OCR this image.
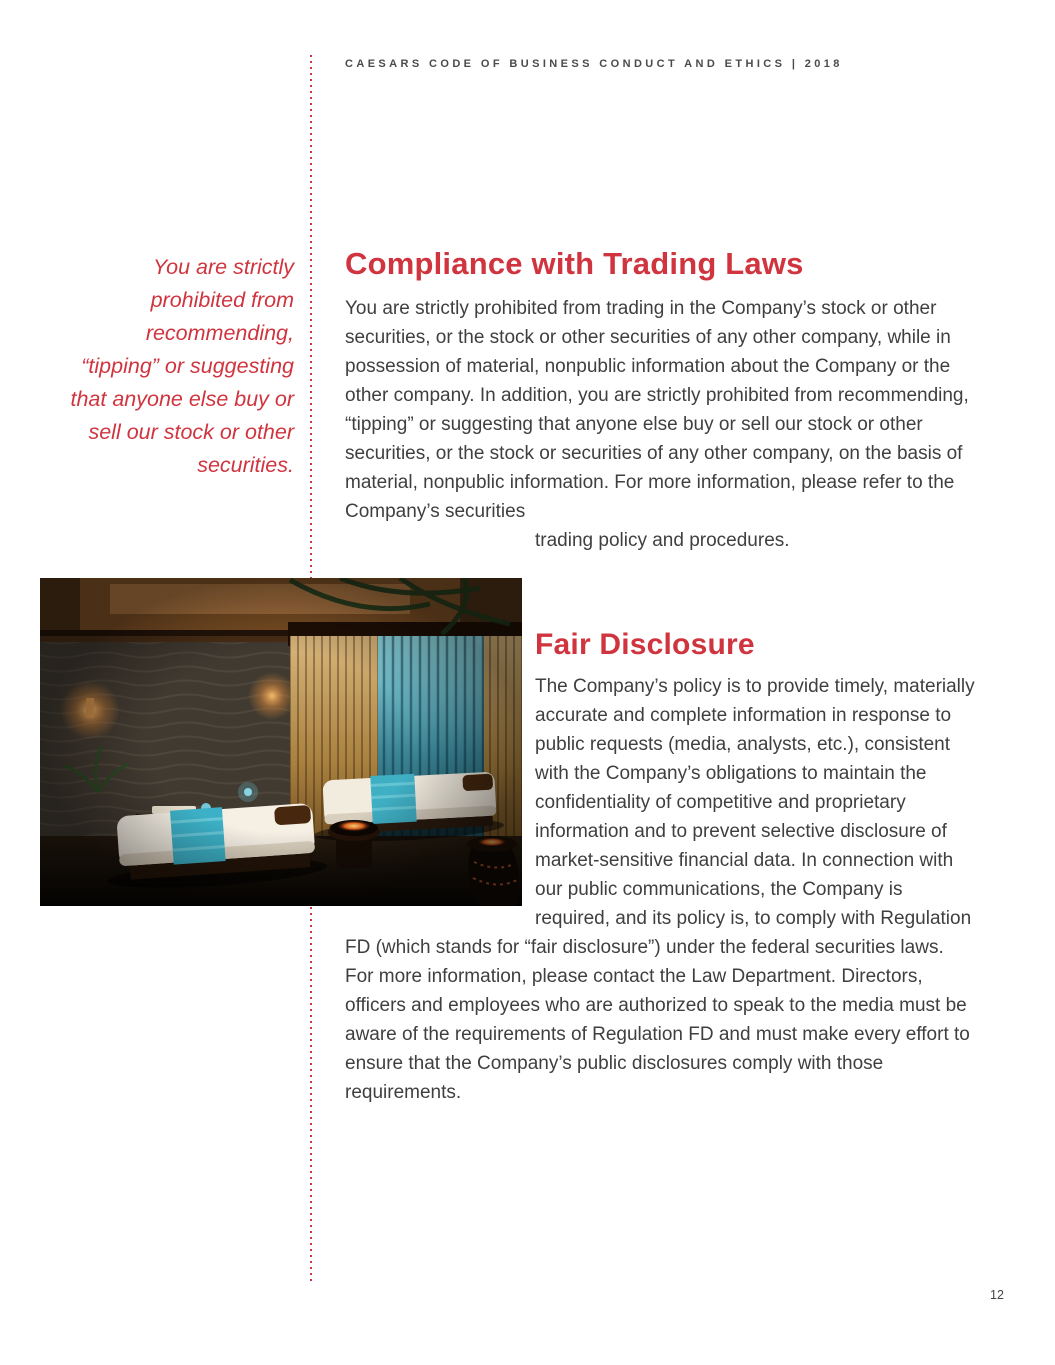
CAESARS CODE OF BUSINESS CONDUCT AND ETHICS | 2018
You are strictly prohibited from recommending, “tipping” or suggesting that anyone else buy or sell our stock or other securities.
Compliance with Trading Laws

You are strictly prohibited from trading in the Company’s stock or other securities, or the stock or other securities of any other company, while in possession of material, nonpublic information about the Company or the other company. In addition, you are strictly prohibited from recommending, “tipping” or suggesting that anyone else buy or sell our stock or other securities, or the stock or securities of any other company, on the basis of material, nonpublic information. For more information, please refer to the Company’s securities

trading policy and procedures.
Fair Disclosure

The Company’s policy is to provide timely, materially accurate and complete information in response to public requests (media, analysts, etc.), consistent with the Company’s obligations to maintain the confidentiality of competitive and proprietary information and to prevent selective disclosure of market-sensitive financial data. In connection with our public communications, the Company is required, and its policy is, to comply with Regulation FD (which stands for “fair disclosure”) under the federal securities laws. For more information, please contact the Law Department. Directors, officers and employees who are authorized to speak to the media must be aware of the requirements of Regulation FD and must make every effort to ensure that the Company’s public disclosures comply with those requirements.

12
